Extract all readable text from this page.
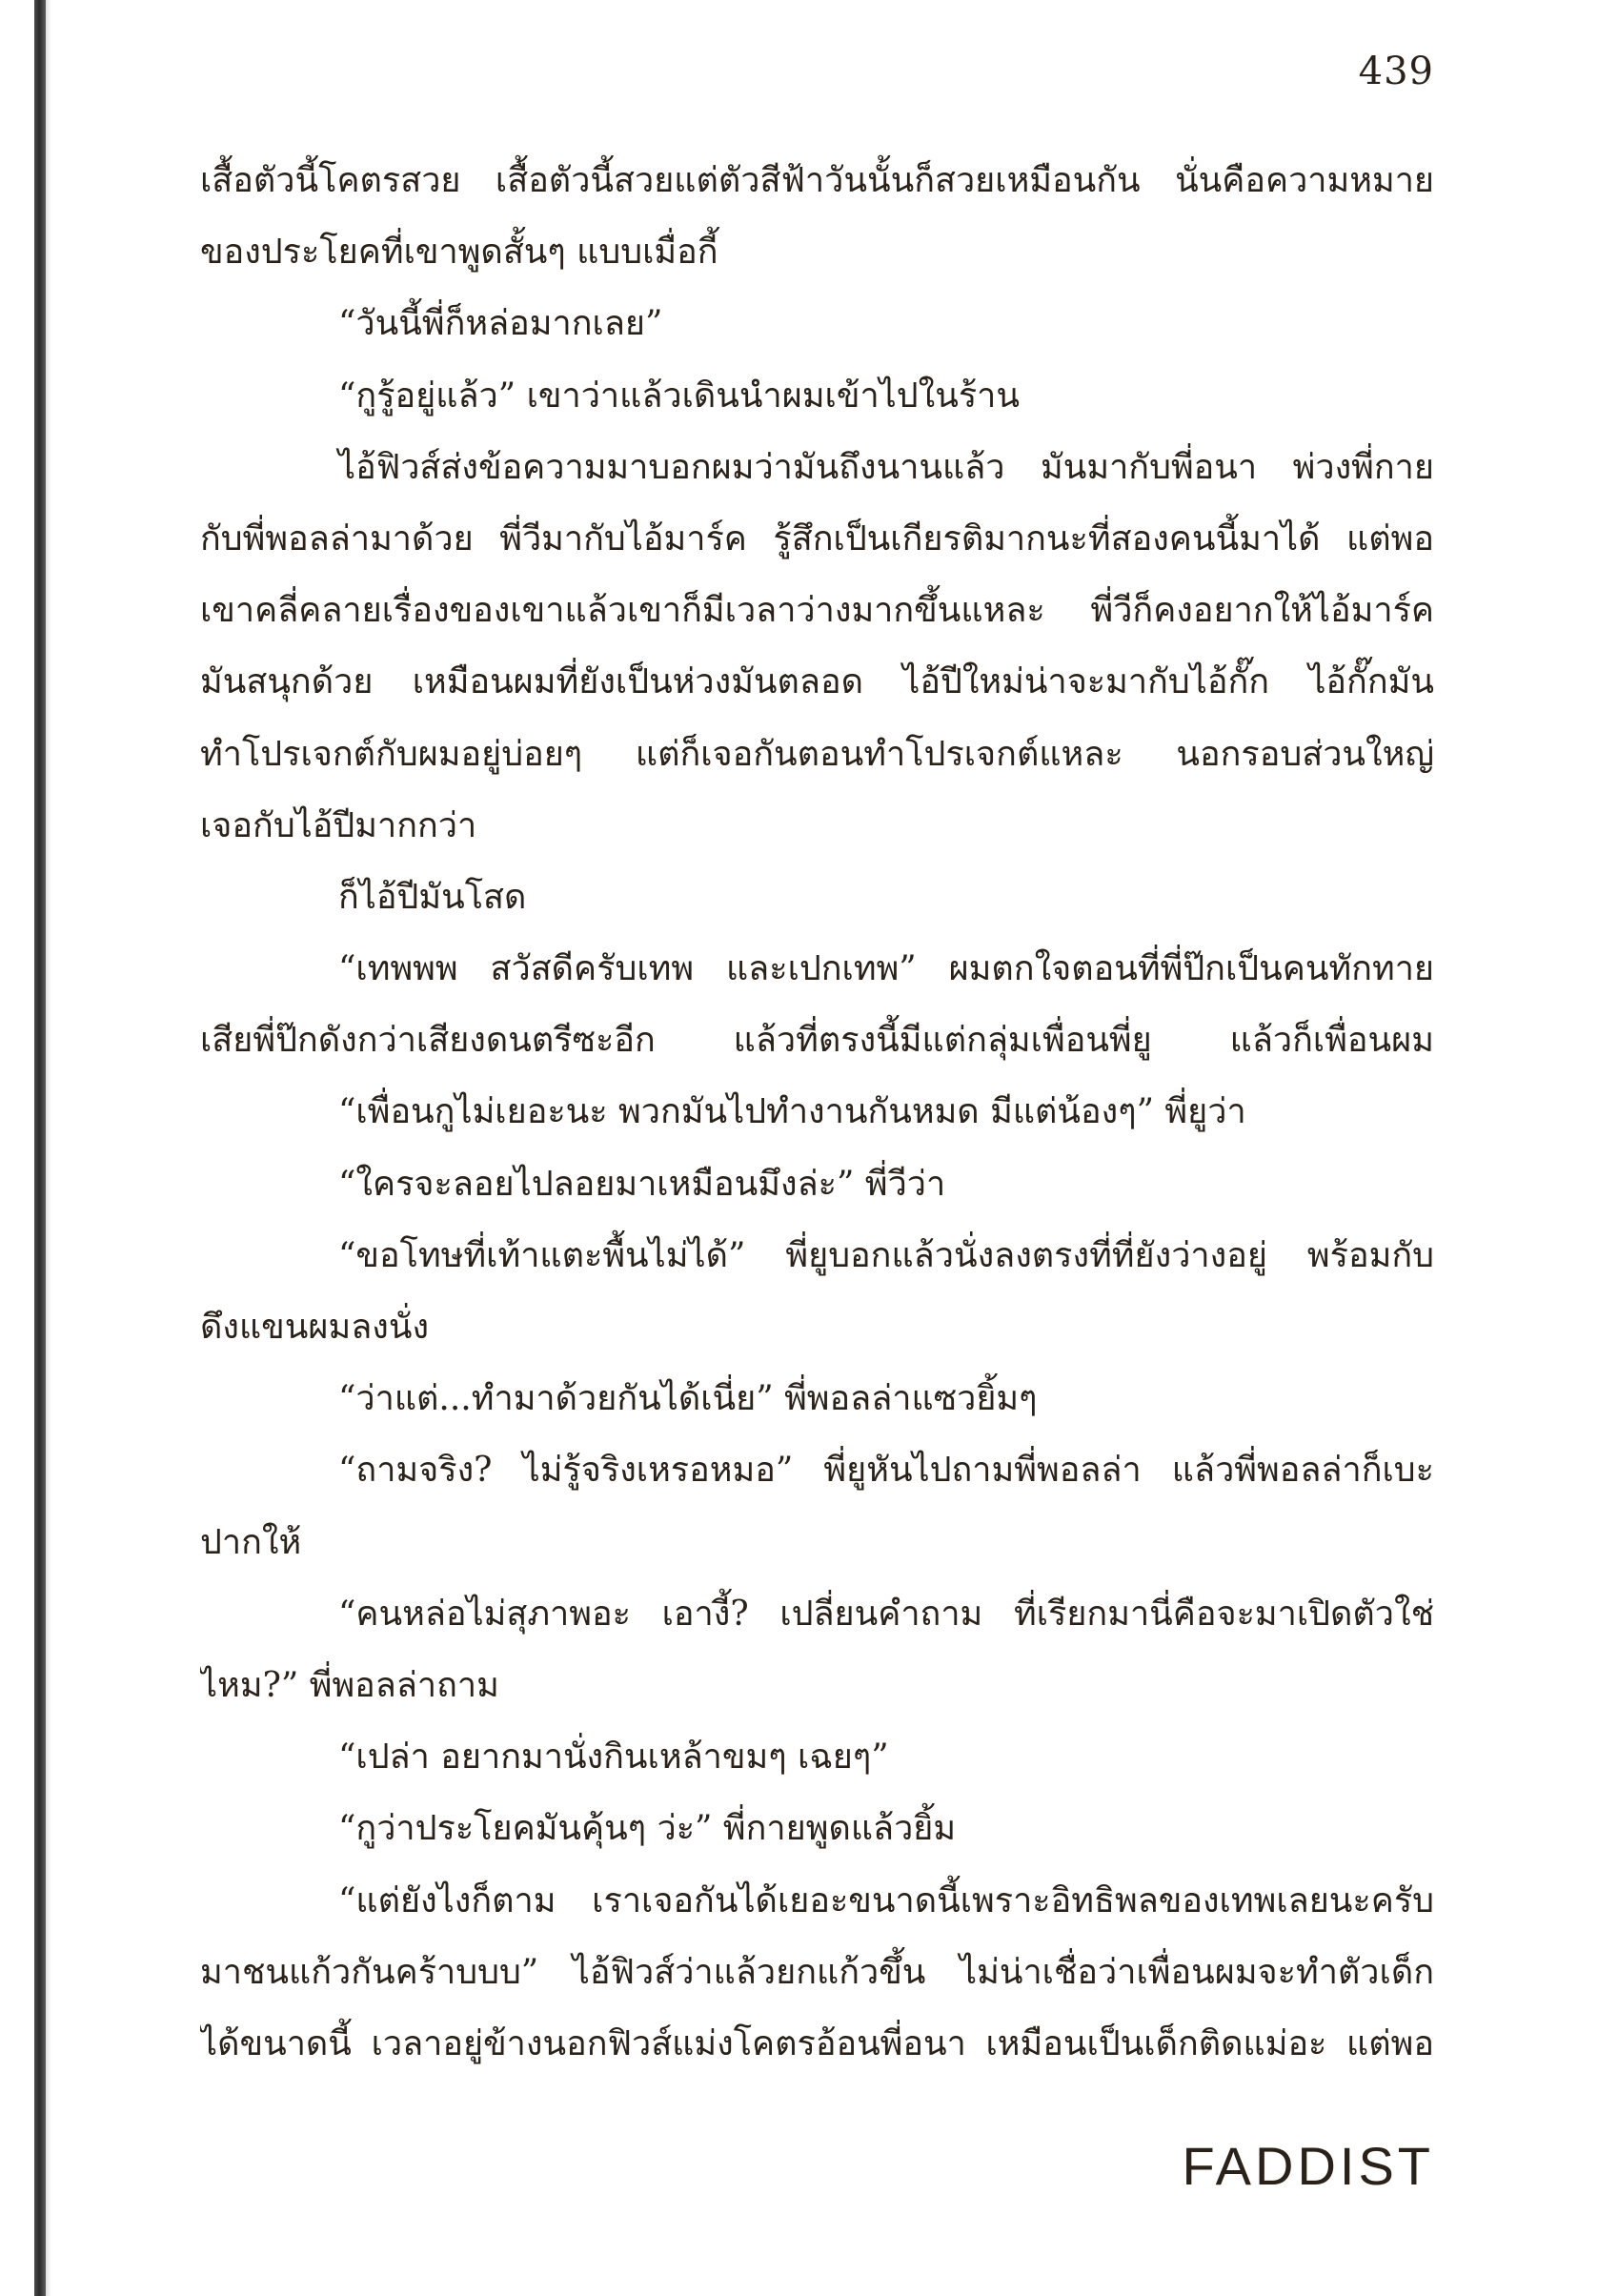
439
เสื้อตัวนี้โคตรสวย เสื้อตัวนี้สวยแต่ตัวสีฟ้าวันนั้นก็สวยเหมือนกัน นั่นคือความหมาย
ของประโยคที่เขาพูดสั้นๆ แบบเมื่อกี้
“วันนี้พี่ก็หล่อมากเลย”
“กูรู้อยู่แล้ว” เขาว่าแล้วเดินนำผมเข้าไปในร้าน
ไอ้ฟิวส์ส่งข้อความมาบอกผมว่ามันถึงนานแล้ว มันมากับพี่อนา พ่วงพี่กาย
กับพี่พอลล่ามาด้วย พี่วีมากับไอ้มาร์ค รู้สึกเป็นเกียรติมากนะที่สองคนนี้มาได้ แต่พอ
เขาคลี่คลายเรื่องของเขาแล้วเขาก็มีเวลาว่างมากขึ้นแหละ พี่วีก็คงอยากให้ไอ้มาร์ค
มันสนุกด้วย เหมือนผมที่ยังเป็นห่วงมันตลอด ไอ้ปีใหม่น่าจะมากับไอ้กั๊ก ไอ้กั๊กมัน
ทำโปรเจกต์กับผมอยู่บ่อยๆ แต่ก็เจอกันตอนทำโปรเจกต์แหละ นอกรอบส่วนใหญ่
เจอกับไอ้ปีมากกว่า
ก็ไอ้ปีมันโสด
“เทพพพ สวัสดีครับเทพ และเปกเทพ” ผมตกใจตอนที่พี่ป๊กเป็นคนทักทาย
เสียพี่ป๊กดังกว่าเสียงดนตรีซะอีก แล้วที่ตรงนี้มีแต่กลุ่มเพื่อนพี่ยู แล้วก็เพื่อนผม
“เพื่อนกูไม่เยอะนะ พวกมันไปทำงานกันหมด มีแต่น้องๆ” พี่ยูว่า
“ใครจะลอยไปลอยมาเหมือนมึงล่ะ” พี่วีว่า
“ขอโทษที่เท้าแตะพื้นไม่ได้” พี่ยูบอกแล้วนั่งลงตรงที่ที่ยังว่างอยู่ พร้อมกับ
ดึงแขนผมลงนั่ง
“ว่าแต่...ทำมาด้วยกันได้เนี่ย” พี่พอลล่าแซวยิ้มๆ
“ถามจริง? ไม่รู้จริงเหรอหมอ” พี่ยูหันไปถามพี่พอลล่า แล้วพี่พอลล่าก็เบะ
ปากให้
“คนหล่อไม่สุภาพอะ เอางี้? เปลี่ยนคำถาม ที่เรียกมานี่คือจะมาเปิดตัวใช่
ไหม?” พี่พอลล่าถาม
“เปล่า อยากมานั่งกินเหล้าขมๆ เฉยๆ”
“กูว่าประโยคมันคุ้นๆ ว่ะ” พี่กายพูดแล้วยิ้ม
“แต่ยังไงก็ตาม เราเจอกันได้เยอะขนาดนี้เพราะอิทธิพลของเทพเลยนะครับ
มาชนแก้วกันคร้าบบบ” ไอ้ฟิวส์ว่าแล้วยกแก้วขึ้น ไม่น่าเชื่อว่าเพื่อนผมจะทำตัวเด็ก
ได้ขนาดนี้ เวลาอยู่ข้างนอกฟิวส์แม่งโคตรอ้อนพี่อนา เหมือนเป็นเด็กติดแม่อะ แต่พอ
FADDIST
